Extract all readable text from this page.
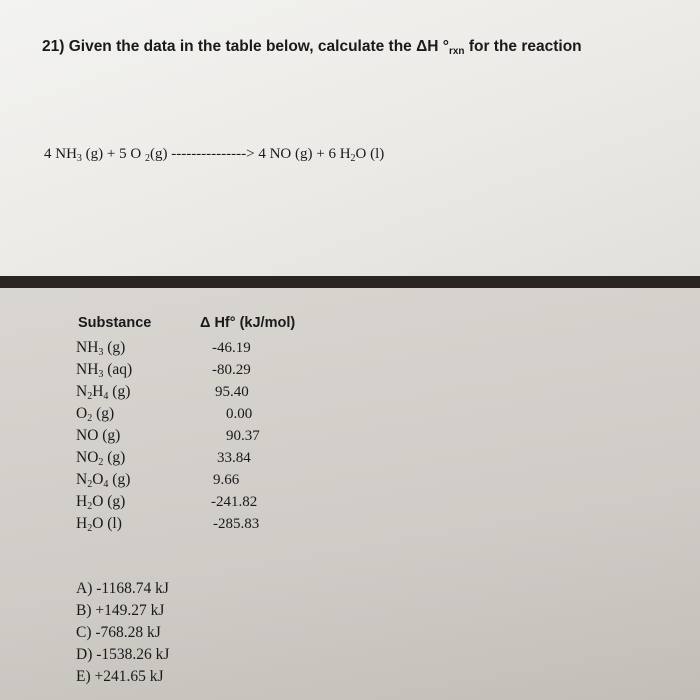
21) Given the data in the table below, calculate the ΔH °rxn for the reaction
4 $NH_3$ (g) + 5 O $_2$(g) ---------------> 4 NO (g) + 6 $H_2O$ (l)
Substance	Δ Hf° (kJ/mol)
NH3 (g)
NH3 (aq)
N2H4 (g)
O2 (g)
NO (g)
NO2 (g)
N2O4 (g)
H2O (g)
H2O (l)
-46.19
-80.29
95.40
0.00
90.37
33.84
9.66
-241.82
-285.83
A) -1168.74 kJ
B) +149.27 kJ
C) -768.28 kJ
D) -1538.26 kJ
E) +241.65 kJ
